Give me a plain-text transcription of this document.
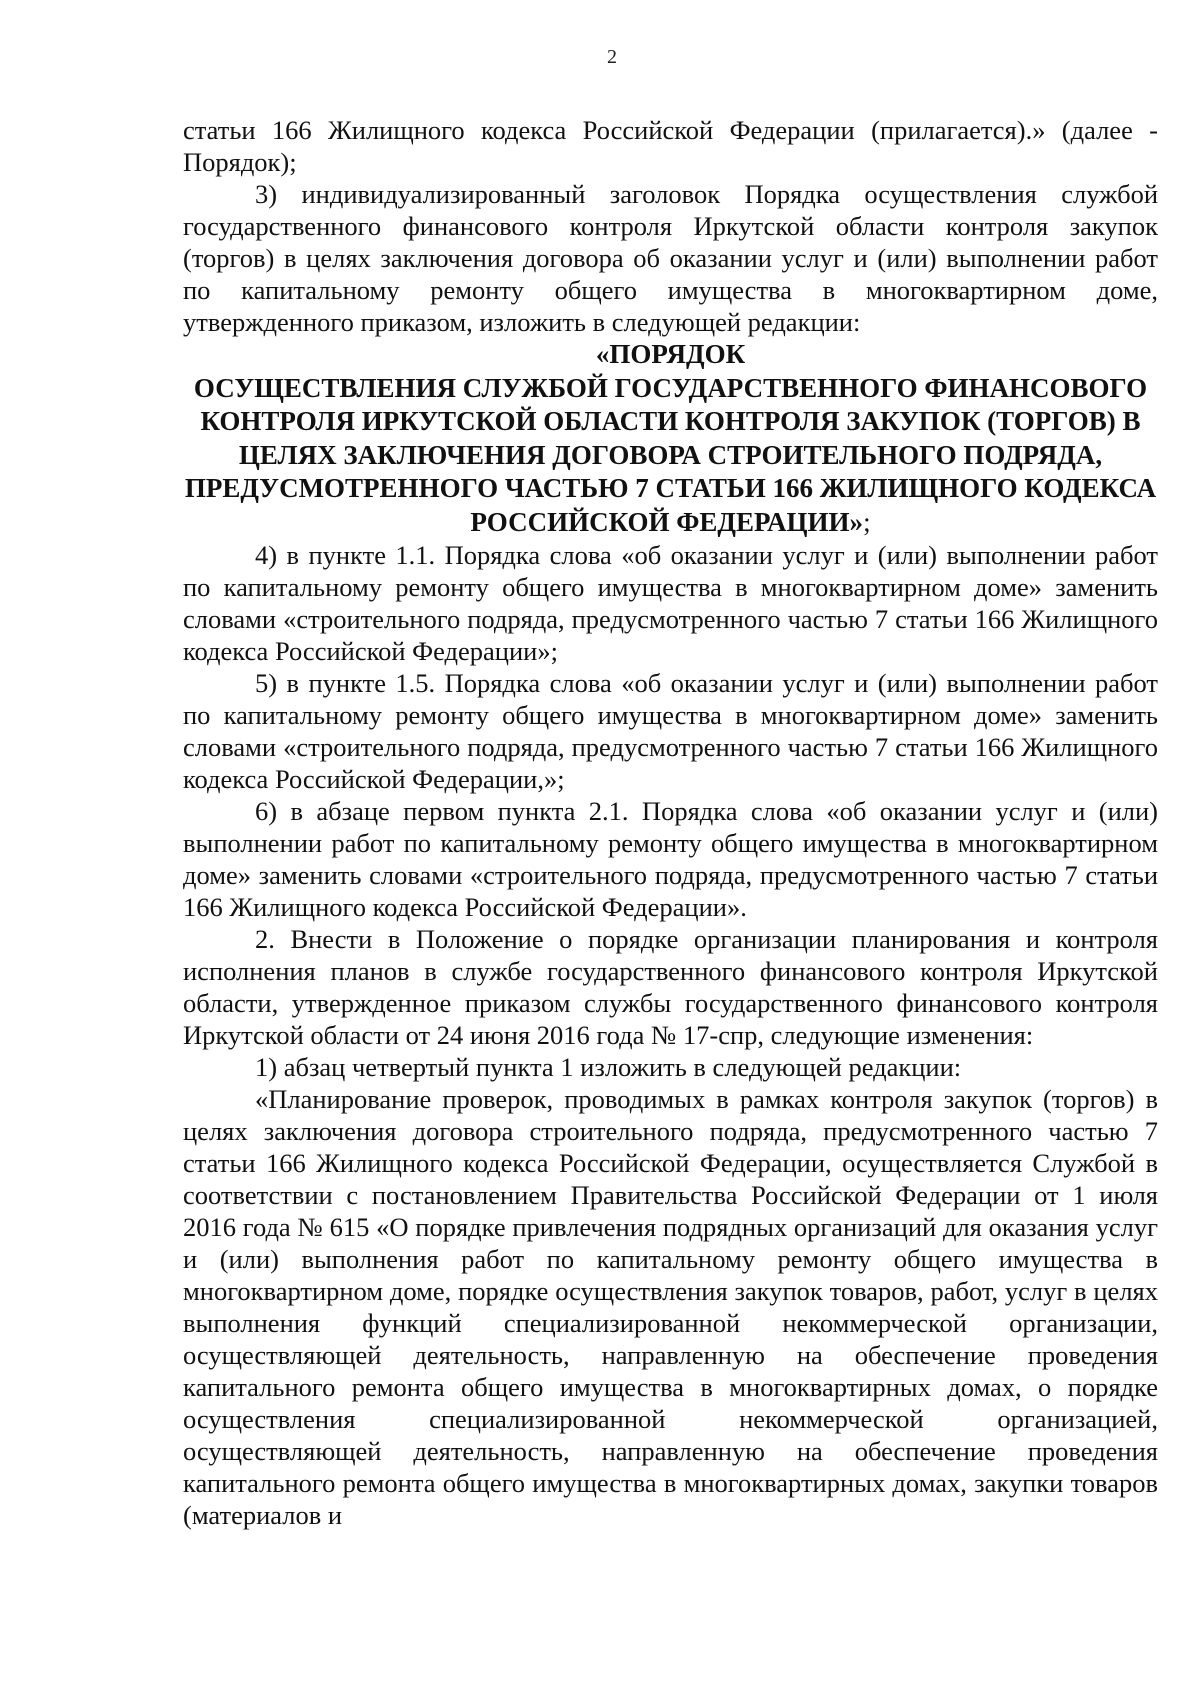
2

статьи 166 Жилищного кодекса Российской Федерации (прилагается).» (далее - Порядок);

3) индивидуализированный заголовок Порядка осуществления службой государственного финансового контроля Иркутской области контроля закупок (торгов) в целях заключения договора об оказании услуг и (или) выполнении работ по капитальному ремонту общего имущества в многоквартирном доме, утвержденного приказом, изложить в следующей редакции:

«ПОРЯДОК
ОСУЩЕСТВЛЕНИЯ СЛУЖБОЙ ГОСУДАРСТВЕННОГО ФИНАНСОВОГО КОНТРОЛЯ ИРКУТСКОЙ ОБЛАСТИ КОНТРОЛЯ ЗАКУПОК (ТОРГОВ) В ЦЕЛЯХ ЗАКЛЮЧЕНИЯ ДОГОВОРА СТРОИТЕЛЬНОГО ПОДРЯДА, ПРЕДУСМОТРЕННОГО ЧАСТЬЮ 7 СТАТЬИ 166 ЖИЛИЩНОГО КОДЕКСА РОССИЙСКОЙ ФЕДЕРАЦИИ»;

4) в пункте 1.1. Порядка слова «об оказании услуг и (или) выполнении работ по капитальному ремонту общего имущества в многоквартирном доме» заменить словами «строительного подряда, предусмотренного частью 7 статьи 166 Жилищного кодекса Российской Федерации»;

5) в пункте 1.5. Порядка слова «об оказании услуг и (или) выполнении работ по капитальному ремонту общего имущества в многоквартирном доме» заменить словами «строительного подряда, предусмотренного частью 7 статьи 166 Жилищного кодекса Российской Федерации,»;

6) в абзаце первом пункта 2.1. Порядка слова «об оказании услуг и (или) выполнении работ по капитальному ремонту общего имущества в многоквартирном доме» заменить словами «строительного подряда, предусмотренного частью 7 статьи 166 Жилищного кодекса Российской Федерации».

2. Внести в Положение о порядке организации планирования и контроля исполнения планов в службе государственного финансового контроля Иркутской области, утвержденное приказом службы государственного финансового контроля Иркутской области от 24 июня 2016 года № 17-спр, следующие изменения:

1) абзац четвертый пункта 1 изложить в следующей редакции:

«Планирование проверок, проводимых в рамках контроля закупок (торгов) в целях заключения договора строительного подряда, предусмотренного частью 7 статьи 166 Жилищного кодекса Российской Федерации, осуществляется Службой в соответствии с постановлением Правительства Российской Федерации от 1 июля 2016 года № 615 «О порядке привлечения подрядных организаций для оказания услуг и (или) выполнения работ по капитальному ремонту общего имущества в многоквартирном доме, порядке осуществления закупок товаров, работ, услуг в целях выполнения функций специализированной некоммерческой организации, осуществляющей деятельность, направленную на обеспечение проведения капитального ремонта общего имущества в многоквартирных домах, о порядке осуществления специализированной некоммерческой организацией, осуществляющей деятельность, направленную на обеспечение проведения капитального ремонта общего имущества в многоквартирных домах, закупки товаров (материалов и
